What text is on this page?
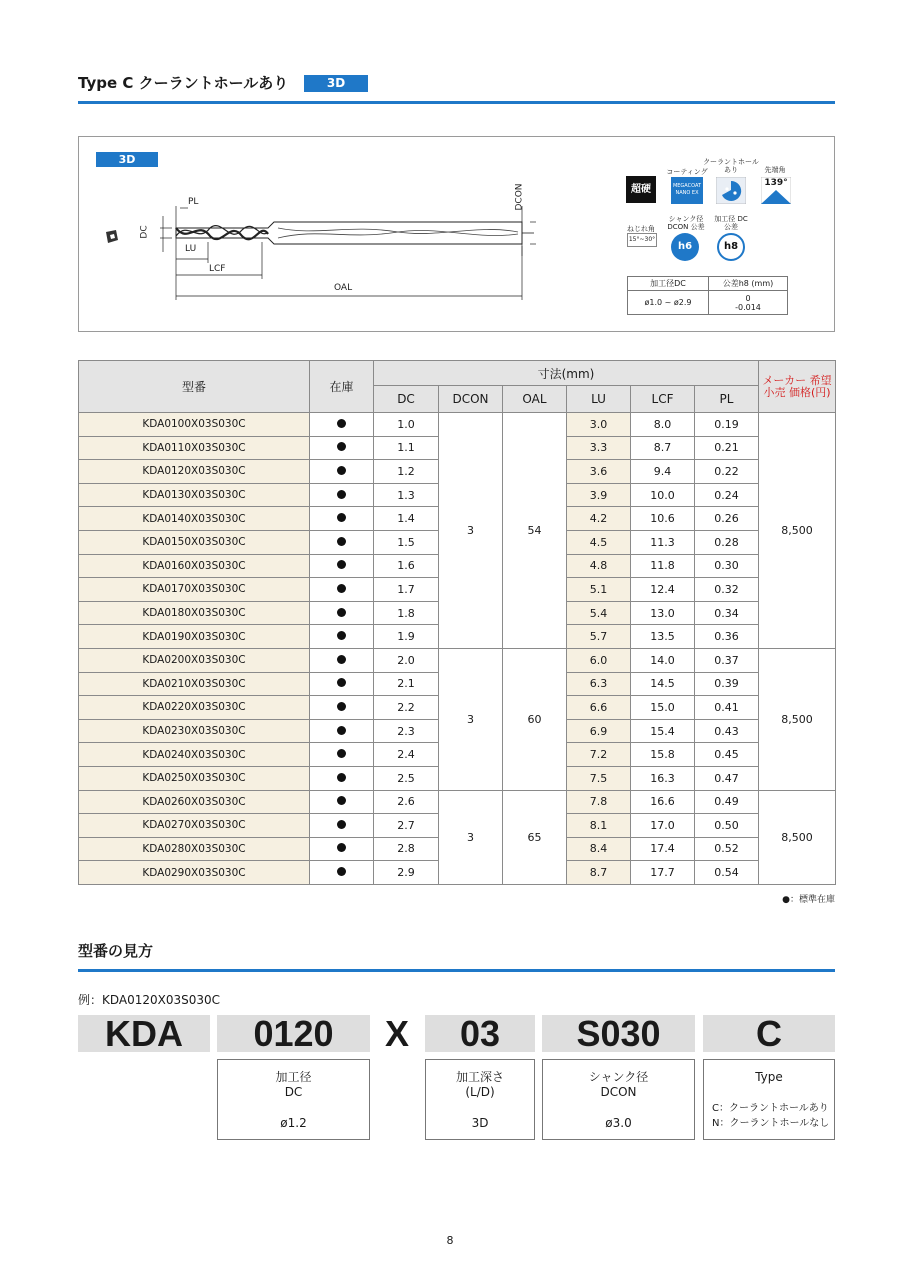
Type C クーラントホールあり	3D
3D
PL
DC
LU
LCF
OAL
DCON	超硬
コーティング
MEGACOAT NANO EX
クーラントホール あり	先端角
139°
ねじれ角
15°~30°
シャンク径 DCON 公差
h6
加工径 DC 公差
h8
加工径DC	公差h8 (mm)
ø1.0 ~ ø2.9	0
-0.014
型番	在庫	寸法(mm)						メーカー 希望小売 価格(円)
		DC	DCON	OAL	LU	LCF	PL	
KDA0100X03S030C		1.0	3	54	3.0	8.0	0.19	8,500
KDA0110X03S030C		1.1			3.3	8.7	0.21	
KDA0120X03S030C		1.2			3.6	9.4	0.22	
KDA0130X03S030C		1.3			3.9	10.0	0.24	
KDA0140X03S030C		1.4			4.2	10.6	0.26	
KDA0150X03S030C		1.5			4.5	11.3	0.28	
KDA0160X03S030C		1.6			4.8	11.8	0.30	
KDA0170X03S030C		1.7			5.1	12.4	0.32	
KDA0180X03S030C		1.8			5.4	13.0	0.34	
KDA0190X03S030C		1.9			5.7	13.5	0.36	
KDA0200X03S030C		2.0	3	60	6.0	14.0	0.37	8,500
KDA0210X03S030C		2.1			6.3	14.5	0.39	
KDA0220X03S030C		2.2			6.6	15.0	0.41	
KDA0230X03S030C		2.3			6.9	15.4	0.43	
KDA0240X03S030C		2.4			7.2	15.8	0.45	
KDA0250X03S030C		2.5			7.5	16.3	0.47	
KDA0260X03S030C		2.6	3	65	7.8	16.6	0.49	8,500
KDA0270X03S030C		2.7			8.1	17.0	0.50	
KDA0280X03S030C		2.8			8.4	17.4	0.52	
KDA0290X03S030C		2.9			8.7	17.7	0.54	
●：標準在庫
型番の見方
例：KDA0120X03S030C
KDA	0120	X	03	S030	C
加工径
DC
ø1.2
加工深さ
(L/D)
3D
シャンク径
DCON
ø3.0
Type
C：クーラントホールあり
N：クーラントホールなし
8
